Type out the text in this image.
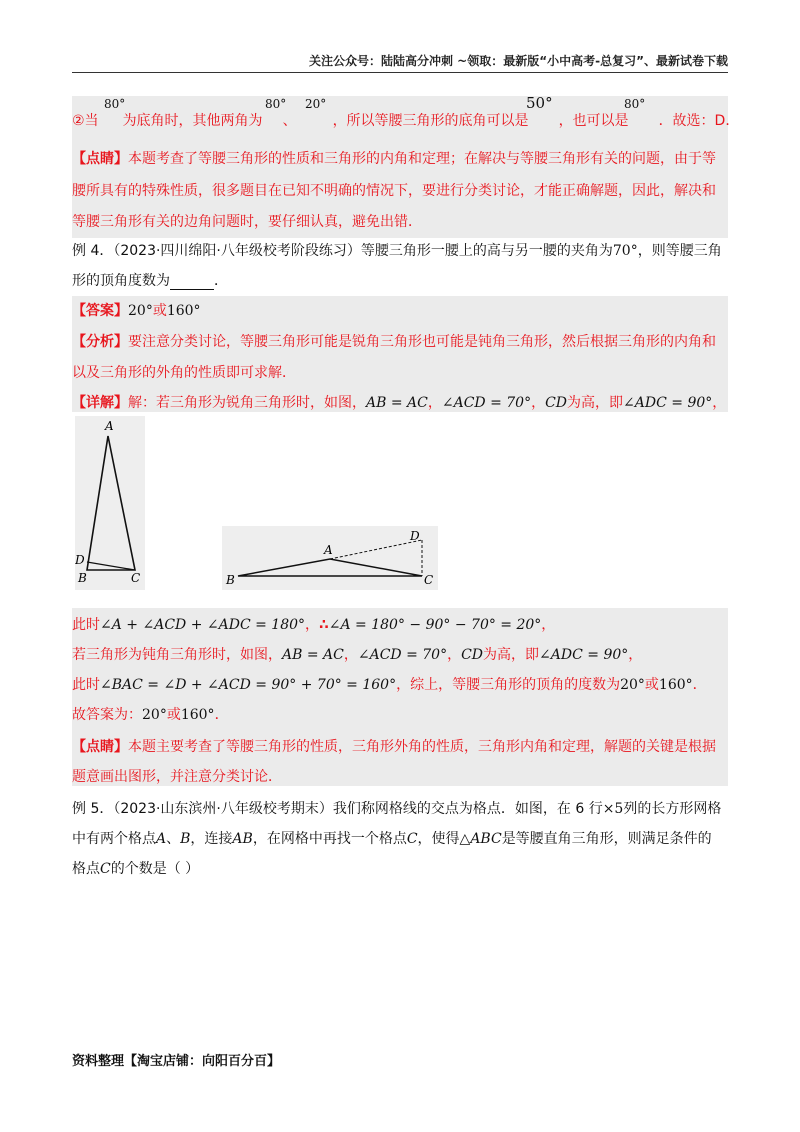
关注公众号：陆陆高分冲刺 ~领取：最新版“小中高考-总复习”、最新试卷下载
80°	80° 20°	50°	80°
②当 为底角时，其他两角为 、	，所以等腰三角形的底角可以是 ，也可以是 ．故选：D．
【点睛】本题考查了等腰三角形的性质和三角形的内角和定理；在解决与等腰三角形有关的问题，由于等
腰所具有的特殊性质，很多题目在已知不明确的情况下，要进行分类讨论，才能正确解题，因此，解决和
等腰三角形有关的边角问题时，要仔细认真，避免出错．
例 4．（2023·四川绵阳·八年级校考阶段练习）等腰三角形一腰上的高与另一腰的夹角为70°，则等腰三角
形的顶角度数为	．
【答案】20°或160°
【分析】要注意分类讨论，等腰三角形可能是锐角三角形也可能是钝角三角形，然后根据三角形的内角和
以及三角形的外角的性质即可求解．
【详解】解：若三角形为锐角三角形时，如图，AB = AC，∠ACD = 70°，CD为高，即∠ADC = 90°，
A
D
B	C
A
D
B	C
此时∠A + ∠ACD + ∠ADC = 180°，∴∠A = 180° − 90° − 70° = 20°，
若三角形为钝角三角形时，如图，AB = AC，∠ACD = 70°，CD为高，即∠ADC = 90°，
此时∠BAC = ∠D + ∠ACD = 90° + 70° = 160°，综上，等腰三角形的顶角的度数为20°或160°．
故答案为：20°或160°．
【点睛】本题主要考查了等腰三角形的性质，三角形外角的性质，三角形内角和定理，解题的关键是根据
题意画出图形，并注意分类讨论．
例 5．（2023·山东滨州·八年级校考期末）我们称网格线的交点为格点．如图，在 6 行×5列的长方形网格
中有两个格点A、B，连接AB，在网格中再找一个格点C，使得△ABC是等腰直角三角形，则满足条件的
格点C的个数是（ ）
资料整理【淘宝店铺：向阳百分百】
